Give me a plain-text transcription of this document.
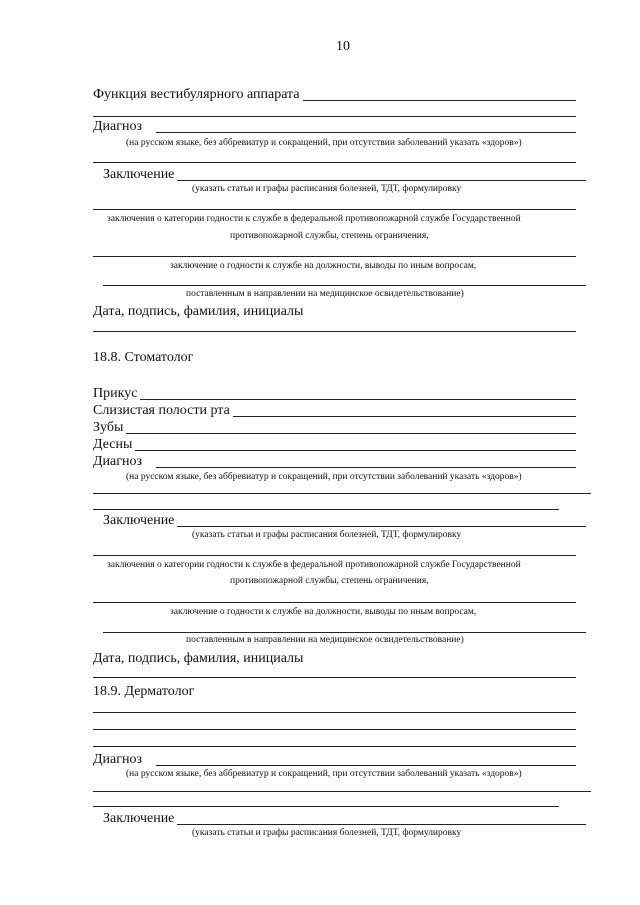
10
Функция вестибулярного аппарата
Диагноз
(на русском языке, без аббревиатур и сокращений, при отсутствии заболеваний указать «здоров»)
Заключение
(указать статьи и графы расписания болезней, ТДТ, формулировку
заключения о категории годности к службе в федеральной противопожарной службе Государственной
противопожарной службы, степень ограничения,
заключение о годности к службе на должности, выводы по иным вопросам,
поставленным в направлении на медицинское освидетельствование)
Дата, подпись, фамилия, инициалы
18.8. Стоматолог
Прикус
Слизистая полости рта
Зубы
Десны
Диагноз
(на русском языке, без аббревиатур и сокращений, при отсутствии заболеваний указать «здоров»)
Заключение
(указать статьи и графы расписания болезней, ТДТ, формулировку
заключения о категории годности к службе в федеральной противопожарной службе Государственной
противопожарной службы, степень ограничения,
заключение о годности к службе на должности, выводы по иным вопросам,
поставленным в направлении на медицинское освидетельствование)
Дата, подпись, фамилия, инициалы
18.9. Дерматолог
Диагноз
(на русском языке, без аббревиатур и сокращений, при отсутствии заболеваний указать «здоров»)
Заключение
(указать статьи и графы расписания болезней, ТДТ, формулировку
